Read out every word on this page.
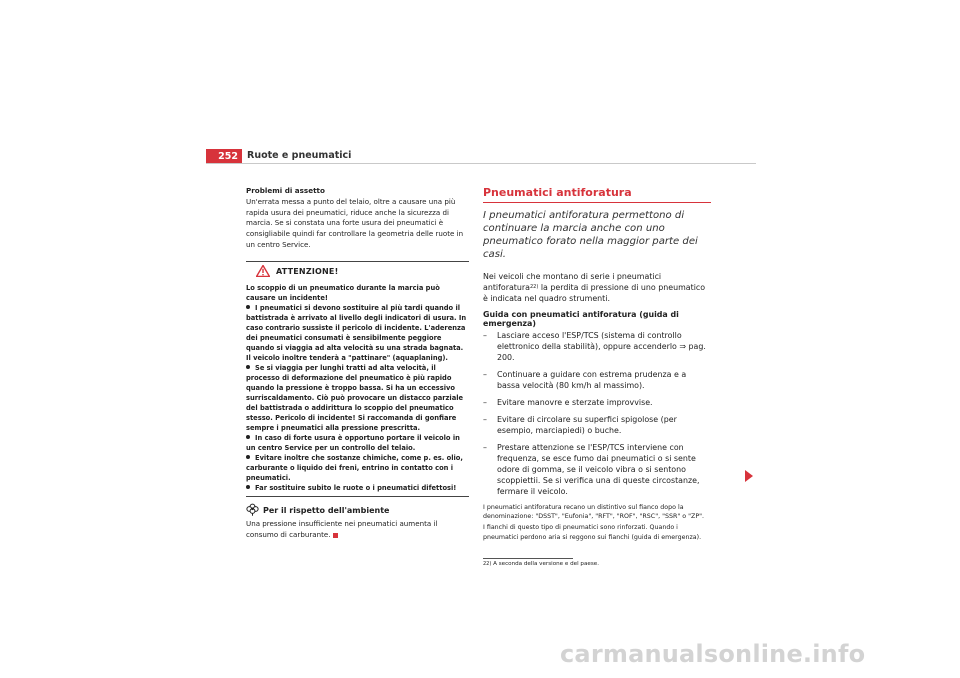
252 Ruote e pneumatici

Problemi di assetto

Un'errata messa a punto del telaio, oltre a causare una più rapida usura dei pneumatici, riduce anche la sicurezza di marcia. Se si constata una forte usura dei pneumatici è consigliabile quindi far controllare la geometria delle ruote in un centro Service.

ATTENZIONE!

Lo scoppio di un pneumatico durante la marcia può causare un incidente!

I pneumatici si devono sostituire al più tardi quando il battistrada è arrivato al livello degli indicatori di usura. In caso contrario sussiste il pericolo di incidente. L'aderenza dei pneumatici consumati è sensibilmente peggiore quando si viaggia ad alta velocità su una strada bagnata. Il veicolo inoltre tenderà a "pattinare" (aquaplaning).

Se si viaggia per lunghi tratti ad alta velocità, il processo di deformazione del pneumatico è più rapido quando la pressione è troppo bassa. Si ha un eccessivo surriscaldamento. Ciò può provocare un distacco parziale del battistrada o addirittura lo scoppio del pneumatico stesso. Pericolo di incidente! Si raccomanda di gonfiare sempre i pneumatici alla pressione prescritta.

In caso di forte usura è opportuno portare il veicolo in un centro Service per un controllo del telaio.

Evitare inoltre che sostanze chimiche, come p. es. olio, carburante o liquido dei freni, entrino in contatto con i pneumatici.

Far sostituire subito le ruote o i pneumatici difettosi!

Per il rispetto dell'ambiente

Una pressione insufficiente nei pneumatici aumenta il consumo di carburante.

Pneumatici antiforatura

I pneumatici antiforatura permettono di continuare la marcia anche con uno pneumatico forato nella maggior parte dei casi.

Nei veicoli che montano di serie i pneumatici antiforatura$^{22)}$ la perdita di pressione di uno pneumatico è indicata nel quadro strumenti.

Guida con pneumatici antiforatura (guida di emergenza)

– Lasciare acceso l'ESP/TCS (sistema di controllo elettronico della stabilità), oppure accenderlo ⇒ pag. 200.
– Continuare a guidare con estrema prudenza e a bassa velocità (80 km/h al massimo).
– Evitare manovre e sterzate improvvise.
– Evitare di circolare su superfici spigolose (per esempio, marciapiedi) o buche.
– Prestare attenzione se l'ESP/TCS interviene con frequenza, se esce fumo dai pneumatici o si sente odore di gomma, se il veicolo vibra o si sentono scoppiettii. Se si verifica una di queste circostanze, fermare il veicolo.

I pneumatici antiforatura recano un distintivo sul fianco dopo la denominazione: "DSST", "Eufonia", "RFT", "ROF", "RSC", "SSR" o "ZP".

I fianchi di questo tipo di pneumatici sono rinforzati. Quando i pneumatici perdono aria si reggono sui fianchi (guida di emergenza).

22) A seconda della versione e del paese.

carmanualsonline.info
